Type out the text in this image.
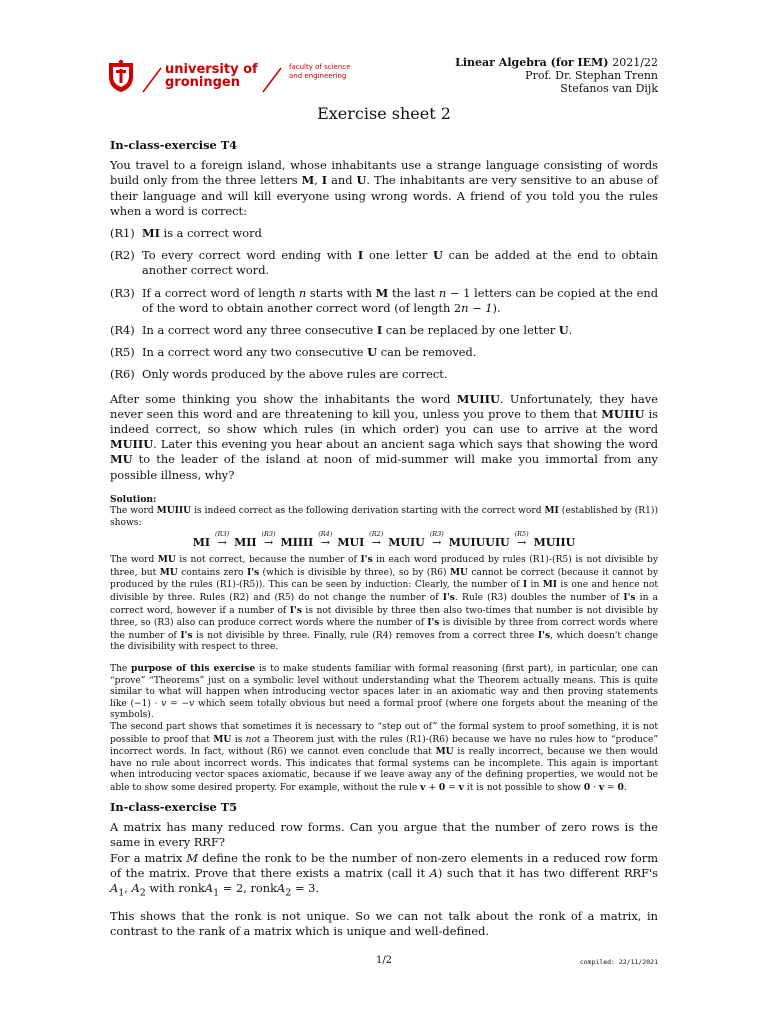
university of
groningen
faculty of science
and engineering
Linear Algebra (for IEM) 2021/22
Prof. Dr. Stephan Trenn
Stefanos van Dijk
Exercise sheet 2
In-class-exercise T4

You travel to a foreign island, whose inhabitants use a strange language consisting of words build only from the three letters M, I and U. The inhabitants are very sensitive to an abuse of their language and will kill everyone using wrong words. A friend of you told you the rules when a word is correct:

(R1) MI is a correct word
(R2) To every correct word ending with I one letter U can be added at the end to obtain another correct word.
(R3) If a correct word of length n starts with M the last n − 1 letters can be copied at the end of the word to obtain another correct word (of length 2n − 1).
(R4) In a correct word any three consecutive I can be replaced by one letter U.
(R5) In a correct word any two consecutive U can be removed.
(R6) Only words produced by the above rules are correct.

After some thinking you show the inhabitants the word MUIIU. Unfortunately, they have never seen this word and are threatening to kill you, unless you prove to them that MUIIU is indeed correct, so show which rules (in which order) you can use to arrive at the word MUIIU. Later this evening you hear about an ancient saga which says that showing the word MU to the leader of the island at noon of mid-summer will make you immortal from any possible illness, why?

Solution:

The word MUIIU is indeed correct as the following derivation starting with the correct word MI (established by (R1)) shows:

MI
(R3)
→ MII
(R3)
→ MIIII
(R4)
→ MUI
(R2)
→ MUIU
(R3)
→ MUIUUIU
(R5)
→ MUIIU

The word MU is not correct, because the number of I's in each word produced by rules (R1)-(R5) is not divisible by three, but MU contains zero I's (which is divisible by three), so by (R6) MU cannot be correct (because it cannot by produced by the rules (R1)-(R5)). This can be seen by induction: Clearly, the number of I in MI is one and hence not divisible by three. Rules (R2) and (R5) do not change the number of I's. Rule (R3) doubles the number of I's in a correct word, however if a number of I's is not divisible by three then also two-times that number is not divisible by three, so (R3) also can produce correct words where the number of I's is divisible by three from correct words where the number of I's is not divisible by three. Finally, rule (R4) removes from a correct three I's, which doesn't change the divisibility with respect to three.

The purpose of this exercise is to make students familiar with formal reasoning (first part), in particular, one can “prove” “Theorems” just on a symbolic level without understanding what the Theorem actually means. This is quite similar to what will happen when introducing vector spaces later in an axiomatic way and then proving statements like (−1) · v = −v which seem totally obvious but need a formal proof (where one forgets about the meaning of the symbols).

The second part shows that sometimes it is necessary to “step out of” the formal system to proof something, it is not possible to proof that MU is not a Theorem just with the rules (R1)-(R6) because we have no rules how to “produce” incorrect words. In fact, without (R6) we cannot even conclude that MU is really incorrect, because we then would have no rule about incorrect words. This indicates that formal systems can be incomplete. This again is important when introducing vector spaces axiomatic, because if we leave away any of the defining properties, we would not be able to show some desired property. For example, without the rule v + 0 = v it is not possible to show 0 · v = 0.

In-class-exercise T5

A matrix has many reduced row forms. Can you argue that the number of zero rows is the same in every RRF?

For a matrix M define the ronk to be the number of non-zero elements in a reduced row form of the matrix. Prove that there exists a matrix (call it A) such that it has two different RRF's $A_1$, $A_2$ with ronkA$_1$ = 2, ronkA$_2$ = 3.

This shows that the ronk is not unique. So we can not talk about the ronk of a matrix, in contrast to the rank of a matrix which is unique and well-defined.

1/2	compiled: 22/11/2021
